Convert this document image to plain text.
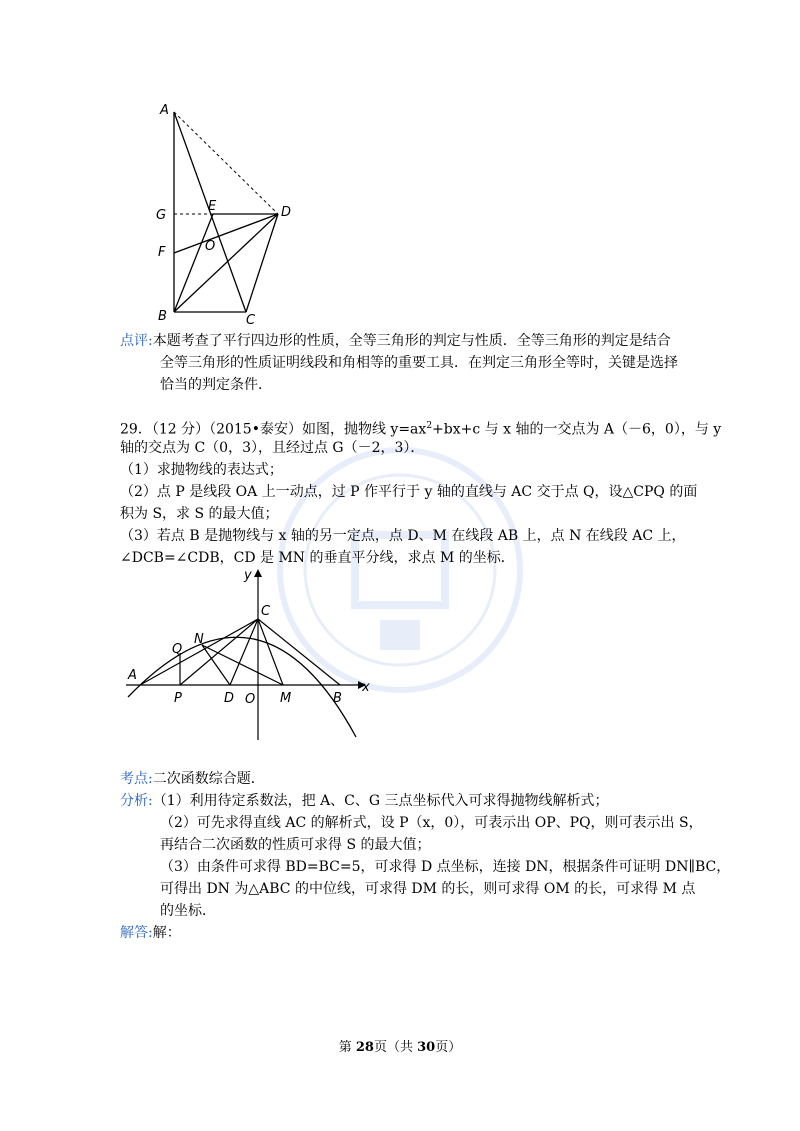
A
G
E	D
F	O
B	C
点评:本题考查了平行四边形的性质，全等三角形的判定与性质．全等三角形的判定是结合
全等三角形的性质证明线段和角相等的重要工具．在判定三角形全等时，关键是选择
恰当的判定条件．
29．（12 分）（2015•泰安）如图，抛物线 $y=ax^2+bx+c$ 与 x 轴的一交点为 A（－6，0），与 y
轴的交点为 C（0，3），且经过点 G（－2，3）．
（1）求抛物线的表达式；
（2）点 P 是线段 OA 上一动点，过 P 作平行于 y 轴的直线与 AC 交于点 Q，设△CPQ 的面
积为 S，求 S 的最大值；
（3）若点 B 是抛物线与 x 轴的另一定点，点 D、M 在线段 AB 上，点 N 在线段 AC 上，
∠DCB=∠CDB，CD 是 MN 的垂直平分线，求点 M 的坐标．
y
C
N
Q
A
P	D O M	B
x
考点:二次函数综合题．
分析:（1）利用待定系数法，把 A、C、G 三点坐标代入可求得抛物线解析式；
（2）可先求得直线 AC 的解析式，设 P（x，0），可表示出 OP、PQ，则可表示出 S，
再结合二次函数的性质可求得 S 的最大值；
（3）由条件可求得 BD=BC=5，可求得 D 点坐标，连接 DN，根据条件可证明 DN∥BC，
可得出 DN 为△ABC 的中位线，可求得 DM 的长，则可求得 OM 的长，可求得 M 点
的坐标．
解答:解：
第 28页（共 30页）
